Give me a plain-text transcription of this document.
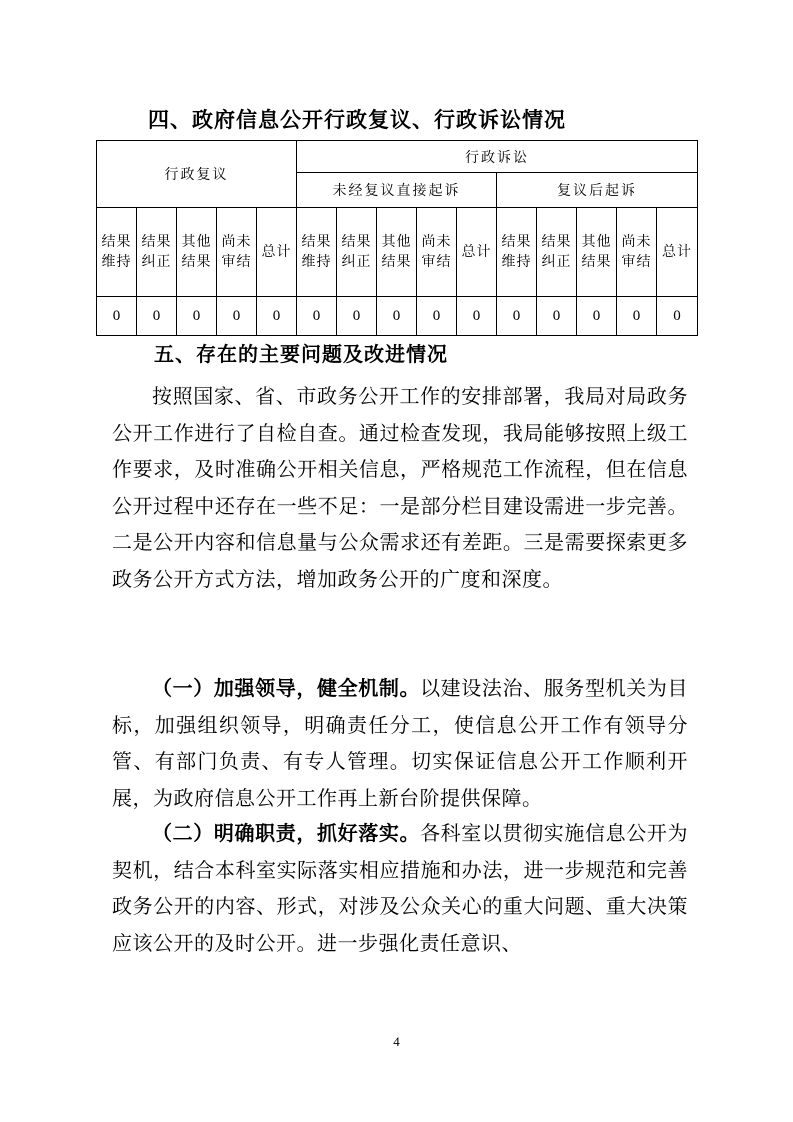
四、政府信息公开行政复议、行政诉讼情况
行政复议					行政诉讼									
					未经复议直接起诉					复议后起诉				

结果维持	结果纠正	其他结果	尚未审结	总计	结果维持	结果纠正	其他结果	尚未审结	总计	结果维持	结果纠正	其他结果	尚未审结	总计

0	0	0	0	0	0	0	0	0	0	0	0	0	0	0
五、存在的主要问题及改进情况
按照国家、省、市政务公开工作的安排部署，我局对局政务公开工作进行了自检自查。通过检查发现，我局能够按照上级工作要求，及时准确公开相关信息，严格规范工作流程，但在信息公开过程中还存在一些不足：一是部分栏目建设需进一步完善。二是公开内容和信息量与公众需求还有差距。三是需要探索更多政务公开方式方法，增加政务公开的广度和深度。
（一）加强领导，健全机制。以建设法治、服务型机关为目标，加强组织领导，明确责任分工，使信息公开工作有领导分管、有部门负责、有专人管理。切实保证信息公开工作顺利开展，为政府信息公开工作再上新台阶提供保障。
（二）明确职责，抓好落实。各科室以贯彻实施信息公开为契机，结合本科室实际落实相应措施和办法，进一步规范和完善政务公开的内容、形式，对涉及公众关心的重大问题、重大决策应该公开的及时公开。进一步强化责任意识、
4
